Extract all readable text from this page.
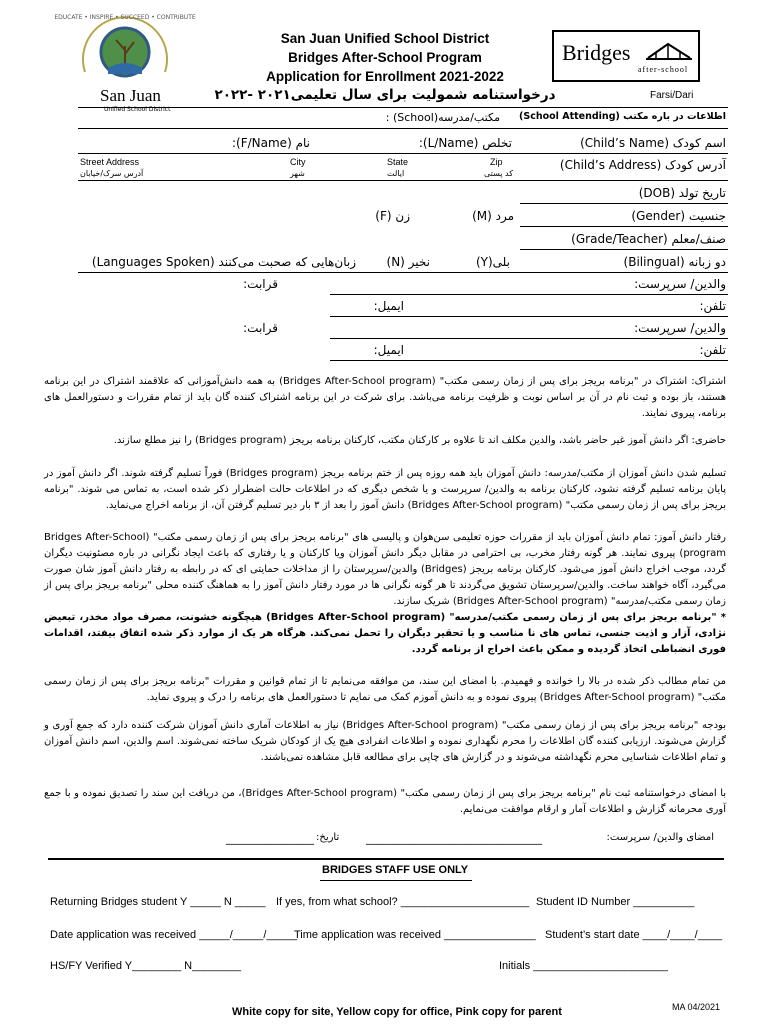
EDUCATE • INSPIRE • SUCCEED • CONTRIBUTE
San Juan
Unified School District
San Juan Unified School District
Bridges After-School Program
Application for Enrollment 2021-2022
درخواستنامه شمولیت برای سال تعلیمی۲۰۲۱ -۲۰۲۲
Bridges
after-school
Farsi/Dari
اطلاعات در باره مکتب (School Attending)
مکتب/مدرسه(School) :
اسم کودک (Child’s Name)
تخلص (L/Name):
نام (F/Name):
آدرس کودک (Child’s Address)
Street Address
آدرس سرک/خیابان
City
شهر
State
ایالت
Zip
کد پستی
تاریخ تولد (DOB)
جنسیت (Gender)
مرد (M)
زن (F)
صنف/معلم (Grade/Teacher)
دو زبانه (Bilingual)
بلی(Y)
نخیر (N)
زبان‌هایی که صحبت می‌کنند (Languages Spoken)
والدین/ سرپرست:
قرابت:
تلفن:
ایمیل:
والدین/ سرپرست:
قرابت:
تلفن:
ایمیل:
اشتراک: اشتراک در "برنامه بریجز برای پس از زمان رسمی مکتب" (Bridges After-School program) به همه دانش‌آموزانی که علاقمند اشتراک در این برنامه هستند، باز بوده و ثبت نام در آن بر اساس نوبت و ظرفیت برنامه می‌باشد. برای شرکت در این برنامه اشتراک کننده گان باید از تمام مقررات و دستورالعمل های برنامه، پیروی نمایند.
حاضری: اگر دانش آموز غیر حاضر باشد، والدین مکلف اند تا علاوه بر کارکنان مکتب، کارکنان برنامه بریجز (Bridges program) را نیز مطلع سازند.
تسلیم شدن دانش آموزان از مکتب/مدرسه: دانش آموزان باید همه روزه پس از ختم برنامه بریجز (Bridges program) فوراً تسلیم گرفته شوند. اگر دانش آموز در پایان برنامه تسلیم گرفته نشود، کارکنان برنامه به والدین/ سرپرست و یا شخص دیگری که در اطلاعات حالت اضطرار ذکر شده است، به تماس می شوند. "برنامه بریجز برای پس از زمان رسمی مکتب" (Bridges After-School program) دانش آموز را بعد از ۳ بار دیر تسلیم گرفتن آن، از برنامه اخراج می‌نماید.
رفتار دانش آموز: تمام دانش آموزان باید از مقررات حوزه تعلیمی سن‌هوان و پالیسی های "برنامه بریجز برای پس از زمان رسمی مکتب" (Bridges After-School program) پیروی نمایند. هر گونه رفتار مخرب، بی احترامی در مقابل دیگر دانش آموزان ویا کارکنان و یا رفتاری که باعث ایجاد نگرانی در باره مصئونیت دیگران گردد، موجب اخراج دانش آموز می‌شود. کارکنان برنامه بریجز (Bridges) والدین/سرپرستان را از مداخلات حمایتی ای که در رابطه به رفتار دانش آموز شان صورت می‌گیرد، آگاه خواهند ساخت. والدین/سرپرستان تشویق می‌گردند تا هر گونه نگرانی ها در مورد رفتار دانش آموز را به هماهنگ کننده محلی "برنامه بریجز برای پس از زمان رسمی مکتب/مدرسه" (Bridges After-School program) شریک سازند.
* "برنامه بریجز برای پس از زمان رسمی مکتب/مدرسه" (Bridges After-School program) هیچگونه خشونت، مصرف مواد مخدر، تبعیض نژادی، آزار و اذیت جنسی، تماس های نا مناسب و یا تحقیر دیگران را تحمل نمی‌کند. هرگاه هر یک از موارد ذکر شده اتفاق بیفتد، اقدامات فوری انضباطی اتخاذ گردیده و ممکن باعث اخراج از برنامه گردد.
من تمام مطالب ذکر شده در بالا را خوانده و فهمیدم. با امضای این سند، من موافقه می‌نمایم تا از تمام قوانین و مقررات "برنامه بریجز برای پس از زمان رسمی مکتب" (Bridges After-School program) پیروی نموده و به دانش آموزم کمک می نمایم تا دستورالعمل های برنامه را درک و پیروی نماید.
بودجه "برنامه بریجز برای پس از زمان رسمی مکتب" (Bridges After-School program) نیاز به اطلاعات آماری دانش آموزان شرکت کننده دارد که جمع آوری و گزارش می‌شوند. ارزیابی کننده گان اطلاعات را محرم نگهداری نموده و اطلاعات انفرادی هیچ یک از کودکان شریک ساخته نمی‌شوند. اسم والدین، اسم دانش آموزان و تمام اطلاعات شناسایی محرم نگهداشته می‌شوند و در گزارش های چاپی برای مطالعه قابل مشاهده نمی‌باشند.
با امضای درخواستنامه ثبت نام "برنامه بریجز برای پس از زمان رسمی مکتب" (Bridges After-School program)، من دریافت این سند را تصدیق نموده و با جمع آوری محرمانه گزارش و اطلاعات آمار و ارقام موافقت می‌نمایم.
امضای والدین/ سرپرست:
________________________________
تاریخ:
________________
BRIDGES STAFF USE ONLY
Returning Bridges student Y _____ N _____ If yes, from what school? _____________________ Student ID Number __________
Date application was received _____/_____/_____
Time application was received _______________ Student’s start date ____/____/____
HS/FY Verified Y________ N________	Initials ______________________
White copy for site, Yellow copy for office, Pink copy for parent	MA 04/2021
